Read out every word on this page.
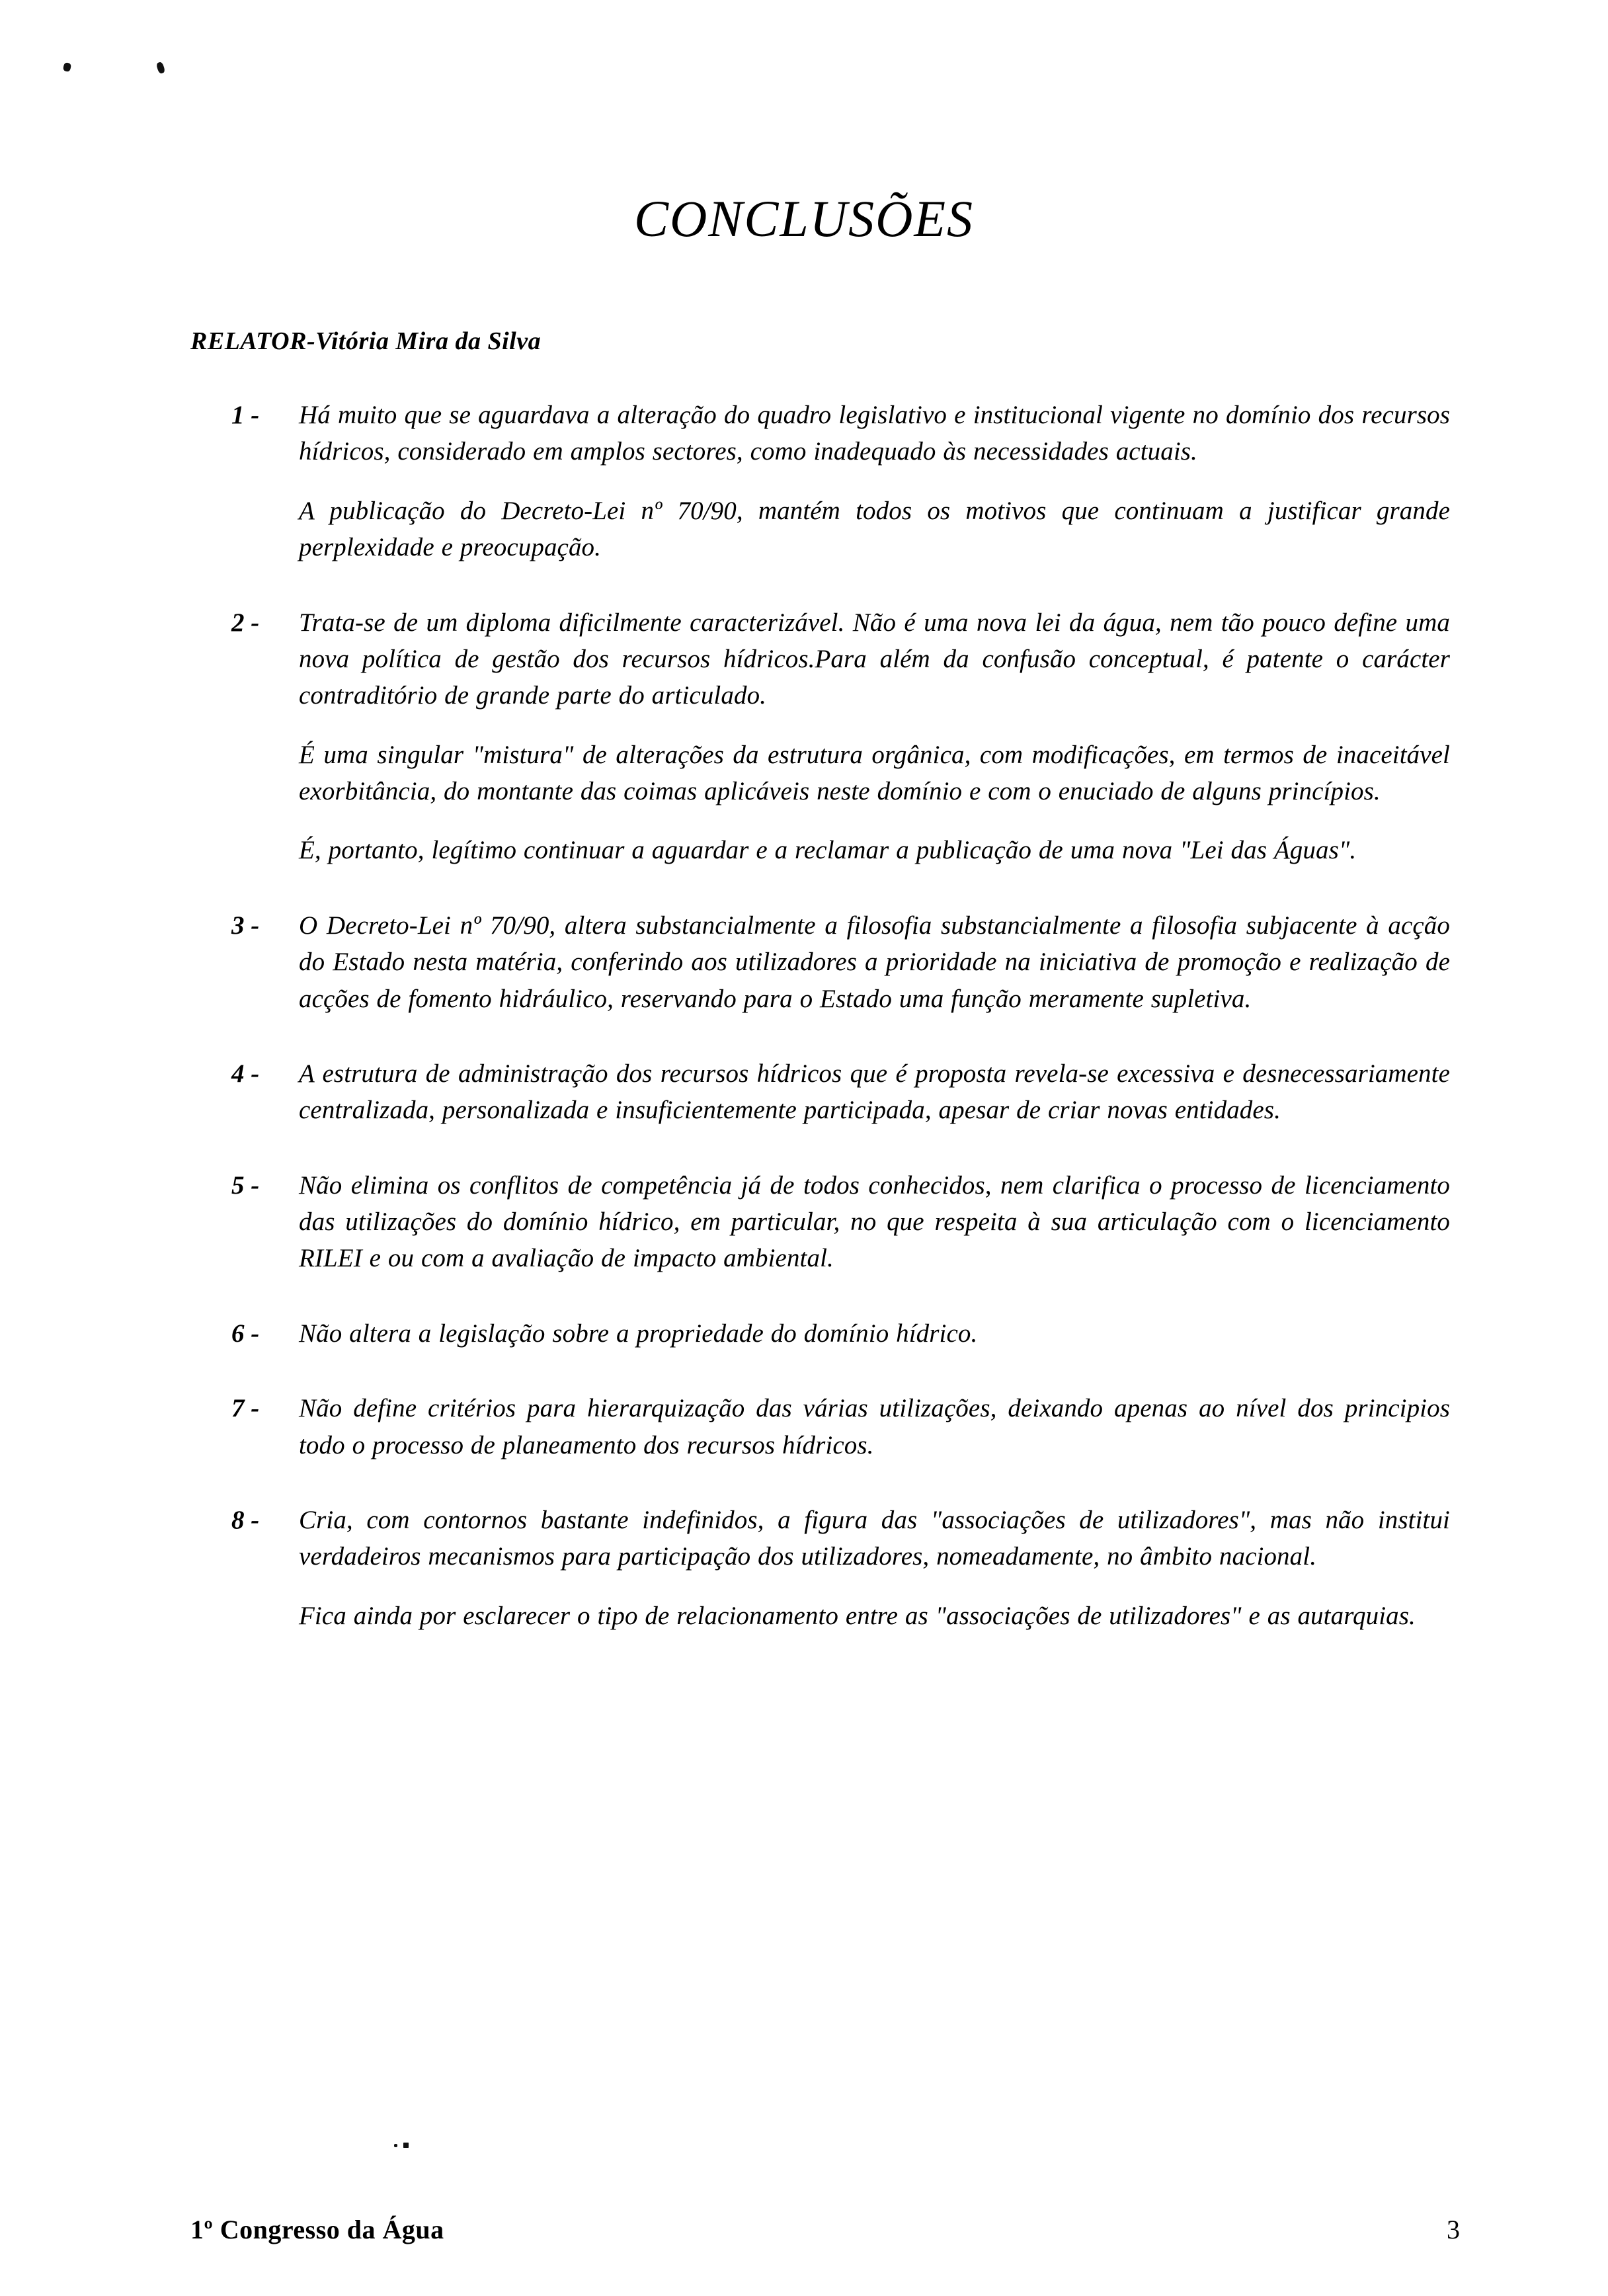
CONCLUSÕES
RELATOR-Vitória Mira da Silva
1 -	Há muito que se aguardava a alteração do quadro legislativo e institucional vigente no domínio dos recursos hídricos, considerado em amplos sectores, como inadequado às necessidades actuais.

A publicação do Decreto-Lei nº 70/90, mantém todos os motivos que continuam a justificar grande perplexidade e preocupação.

2 -	Trata-se de um diploma dificilmente caracterizável. Não é uma nova lei da água, nem tão pouco define uma nova política de gestão dos recursos hídricos.Para além da confusão conceptual, é patente o carácter contraditório de grande parte do articulado.

É uma singular "mistura" de alterações da estrutura orgânica, com modificações, em termos de inaceitável exorbitância, do montante das coimas aplicáveis neste domínio e com o enuciado de alguns princípios.

É, portanto, legítimo continuar a aguardar e a reclamar a publicação de uma nova "Lei das Águas".

3 -	O Decreto-Lei nº 70/90, altera substancialmente a filosofia substancialmente a filosofia subjacente à acção do Estado nesta matéria, conferindo aos utilizadores a prioridade na iniciativa de promoção e realização de acções de fomento hidráulico, reservando para o Estado uma função meramente supletiva.

4 -	A estrutura de administração dos recursos hídricos que é proposta revela-se excessiva e desnecessariamente centralizada, personalizada e insuficientemente participada, apesar de criar novas entidades.

5 -	Não elimina os conflitos de competência já de todos conhecidos, nem clarifica o processo de licenciamento das utilizações do domínio hídrico, em particular, no que respeita à sua articulação com o licenciamento RILEI e ou com a avaliação de impacto ambiental.

6 -	Não altera a legislação sobre a propriedade do domínio hídrico.

7 -	Não define critérios para hierarquização das várias utilizações, deixando apenas ao nível dos principios todo o processo de planeamento dos recursos hídricos.

8 -	Cria, com contornos bastante indefinidos, a figura das "associações de utilizadores", mas não institui verdadeiros mecanismos para participação dos utilizadores, nomeadamente, no âmbito nacional.

Fica ainda por esclarecer o tipo de relacionamento entre as "associações de utilizadores" e as autarquias.

1º Congresso da Água	3
